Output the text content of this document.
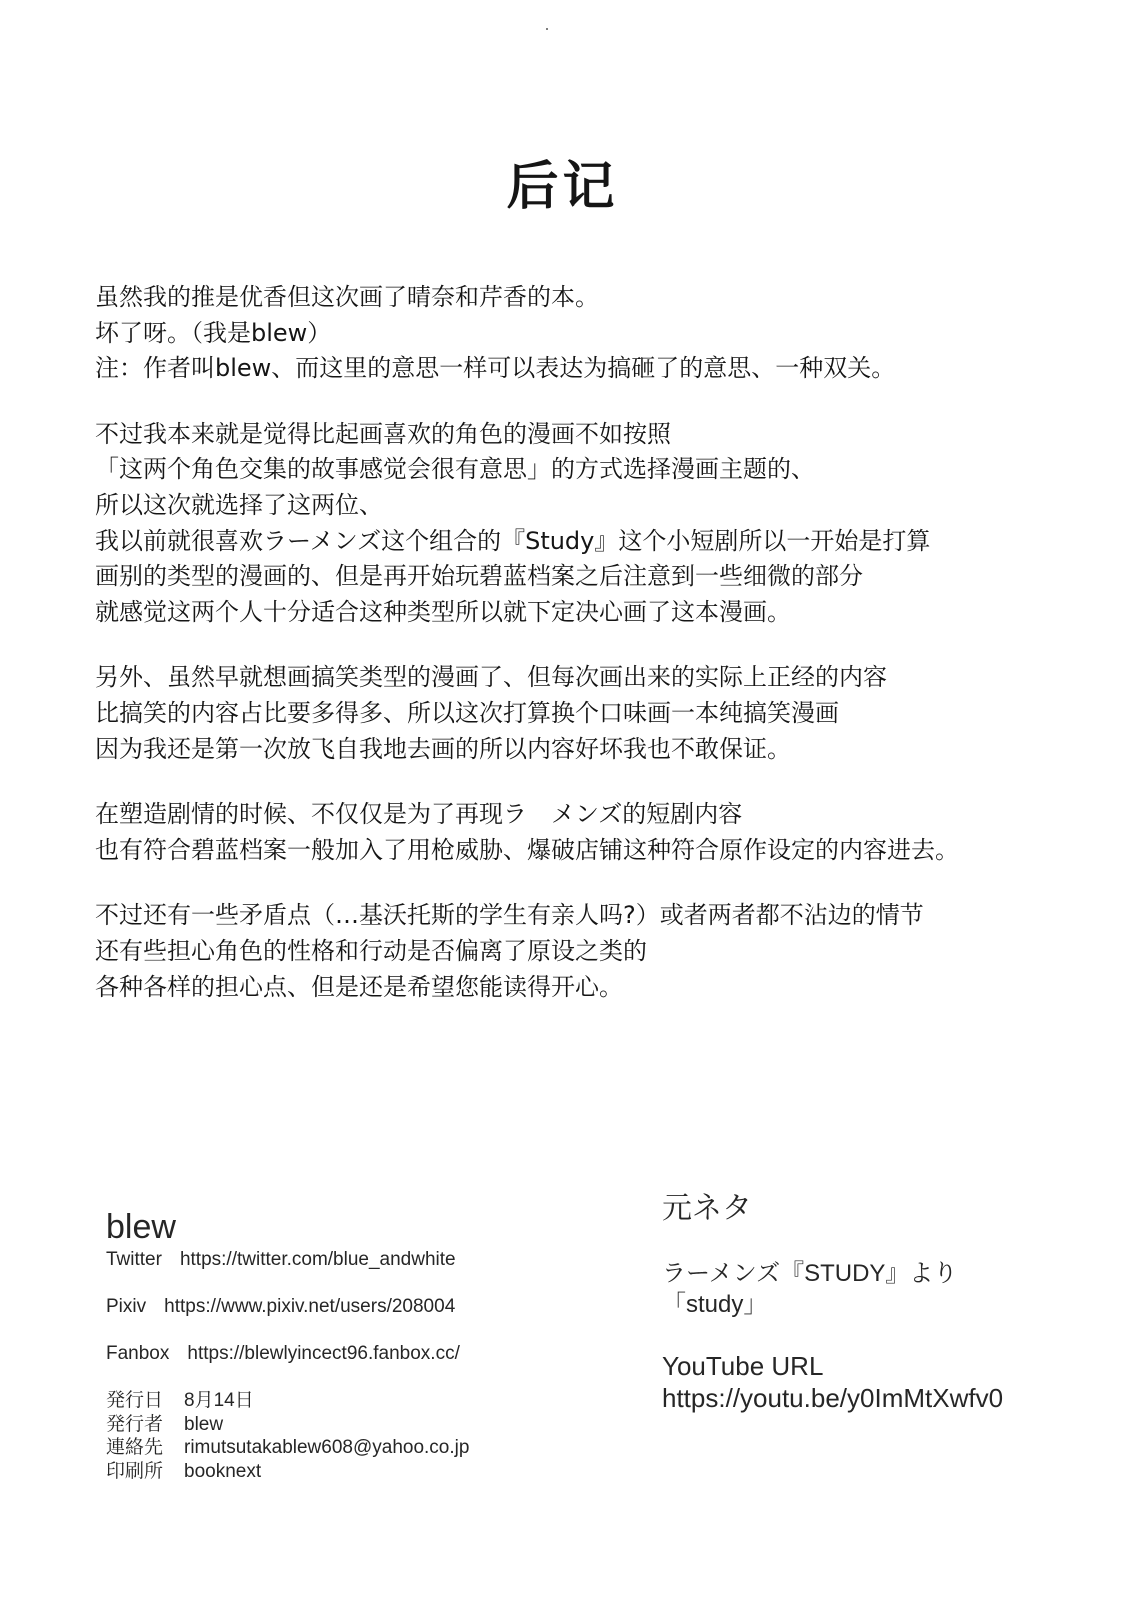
后记
虽然我的推是优香但这次画了晴奈和芹香的本。
坏了呀。（我是blew）
注：作者叫blew、而这里的意思一样可以表达为搞砸了的意思、一种双关。
不过我本来就是觉得比起画喜欢的角色的漫画不如按照
「这两个角色交集的故事感觉会很有意思」的方式选择漫画主题的、
所以这次就选择了这两位、
我以前就很喜欢ラーメンズ这个组合的『Study』这个小短剧所以一开始是打算
画别的类型的漫画的、但是再开始玩碧蓝档案之后注意到一些细微的部分
就感觉这两个人十分适合这种类型所以就下定决心画了这本漫画。
另外、虽然早就想画搞笑类型的漫画了、但每次画出来的实际上正经的内容
比搞笑的内容占比要多得多、所以这次打算换个口味画一本纯搞笑漫画
因为我还是第一次放飞自我地去画的所以内容好坏我也不敢保证。
在塑造剧情的时候、不仅仅是为了再现ラ　メンズ的短剧内容
也有符合碧蓝档案一般加入了用枪威胁、爆破店铺这种符合原作设定的内容进去。
不过还有一些矛盾点（…基沃托斯的学生有亲人吗?）或者两者都不沾边的情节
还有些担心角色的性格和行动是否偏离了原设之类的
各种各样的担心点、但是还是希望您能读得开心。
blew
Twitter https://twitter.com/blue_andwhite
Pixiv https://www.pixiv.net/users/208004
Fanbox https://blewlyincect96.fanbox.cc/
発行日 8月14日
発行者 blew
連絡先 rimutsutakablew608@yahoo.co.jp
印刷所 booknext
元ネタ
ラーメンズ『STUDY』より
「study」
YouTube URL
https://youtu.be/y0ImMtXwfv0
